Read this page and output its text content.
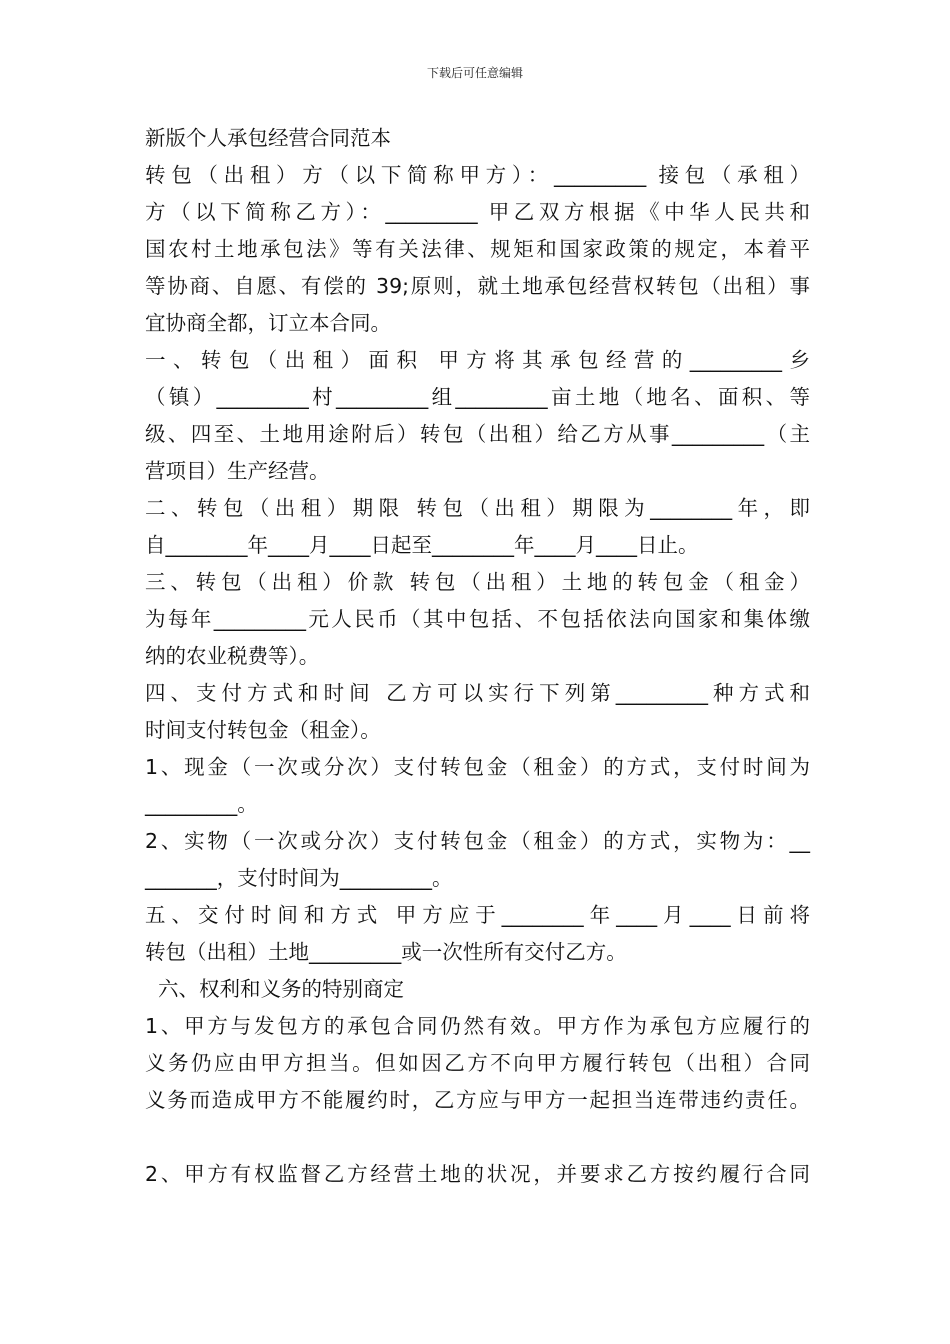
下载后可任意编辑
新版个人承包经营合同范本
转包（出租）方（以下简称甲方）：_________ 接包（承租）
方（以下简称乙方）：_________ 甲乙双方根据《中华人民共和
国农村土地承包法》等有关法律、规矩和国家政策的规定，本着平
等协商、自愿、有偿的 39;原则，就土地承包经营权转包（出租）事
宜协商全都，订立本合同。
一、转包（出租）面积 甲方将其承包经营的_________乡
（镇）_________村_________组_________亩土地（地名、面积、等
级、四至、土地用途附后）转包（出租）给乙方从事_________（主
营项目）生产经营。
二、转包（出租）期限 转包（出租）期限为________年，即
自________年____月____日起至________年____月____日止。
三、转包（出租）价款 转包（出租）土地的转包金（租金）
为每年_________元人民币（其中包括、不包括依法向国家和集体缴
纳的农业税费等）。
四、支付方式和时间 乙方可以实行下列第_________种方式和
时间支付转包金（租金）。
1、现金（一次或分次）支付转包金（租金）的方式，支付时间为
_________。
2、实物（一次或分次）支付转包金（租金）的方式，实物为：__
_______，支付时间为_________。
五、交付时间和方式 甲方应于________年____月____日前将
转包（出租）土地_________或一次性所有交付乙方。
六、权利和义务的特别商定
1、甲方与发包方的承包合同仍然有效。甲方作为承包方应履行的
义务仍应由甲方担当。但如因乙方不向甲方履行转包（出租）合同
义务而造成甲方不能履约时，乙方应与甲方一起担当连带违约责任。
2、甲方有权监督乙方经营土地的状况，并要求乙方按约履行合同
